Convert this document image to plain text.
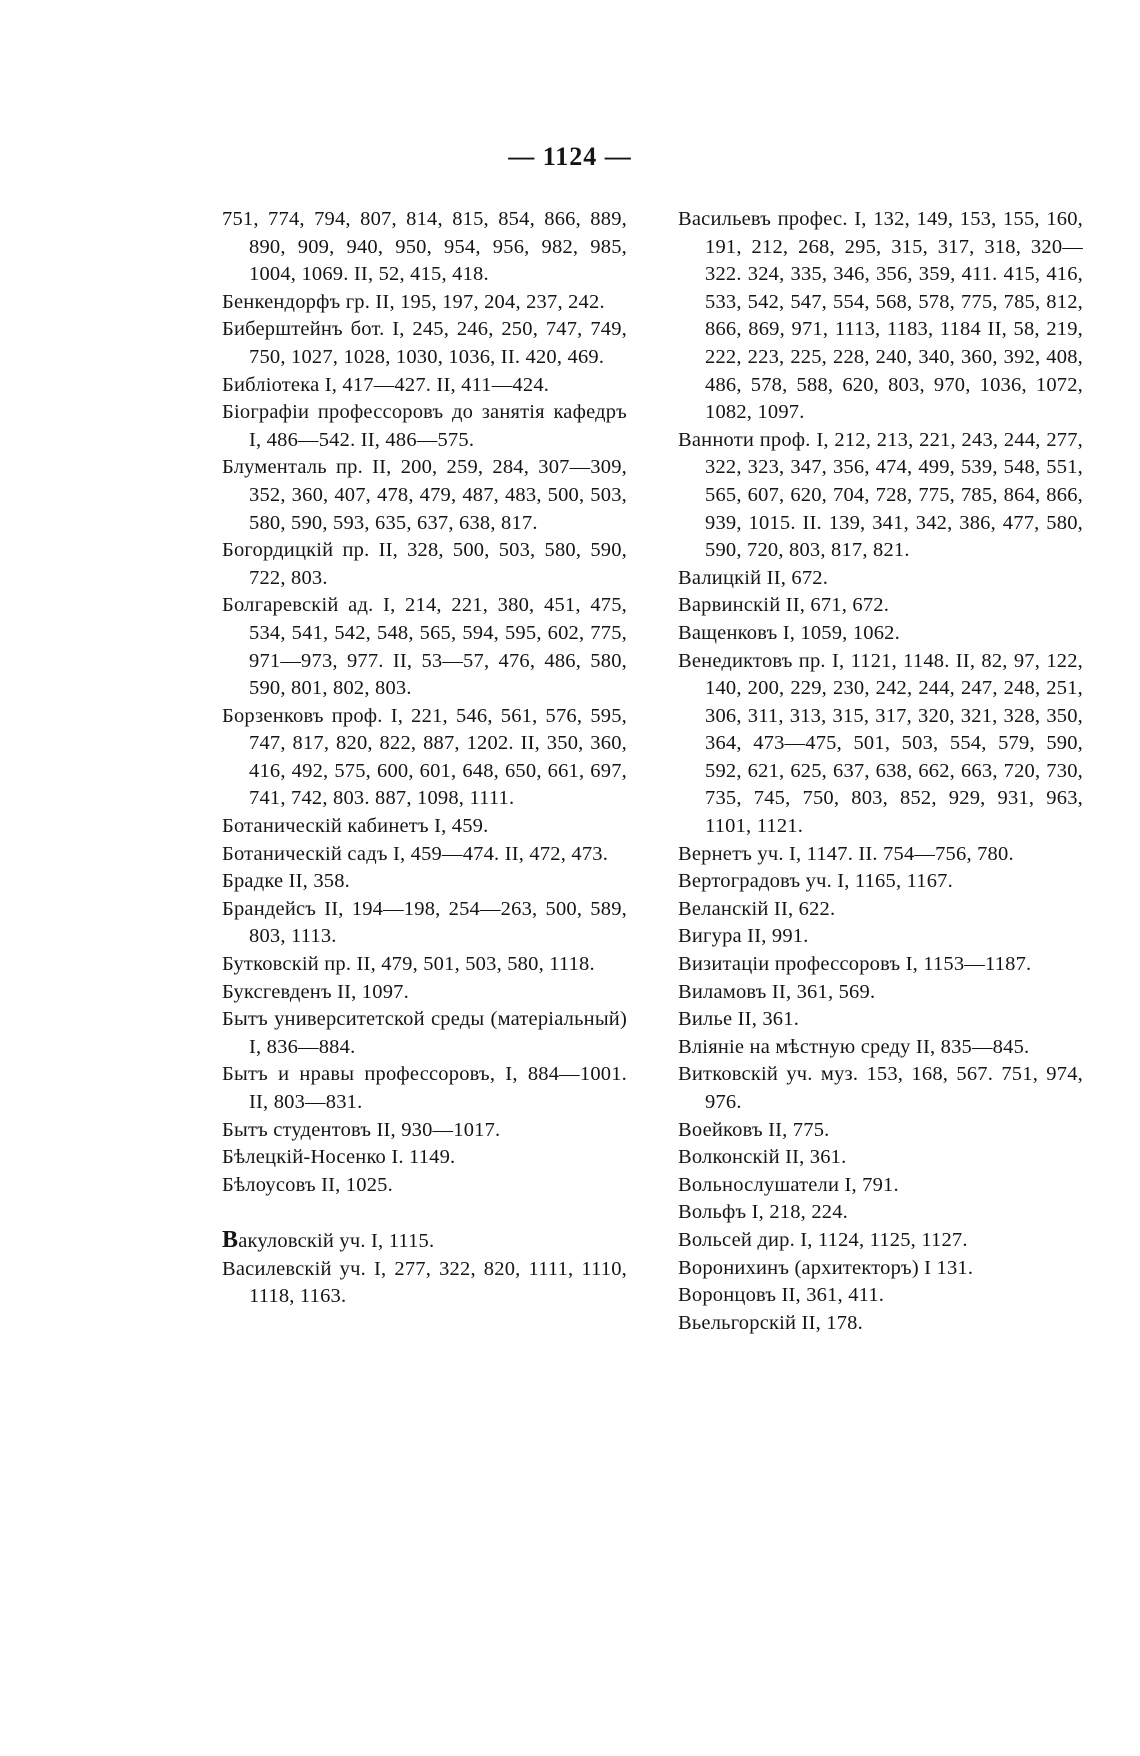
— 1124 —
751, 774, 794, 807, 814, 815, 854, 866, 889, 890, 909, 940, 950, 954, 956, 982, 985, 1004, 1069. II, 52, 415, 418.
Бенкендорфъ гр. II, 195, 197, 204, 237, 242.
Биберштейнъ бот. I, 245, 246, 250, 747, 749, 750, 1027, 1028, 1030, 1036, II. 420, 469.
Библіотека I, 417—427. II, 411—424.
Біографіи профессоровъ до занятія кафедръ I, 486—542. II, 486—575.
Блументаль пр. II, 200, 259, 284, 307—309, 352, 360, 407, 478, 479, 487, 483, 500, 503, 580, 590, 593, 635, 637, 638, 817.
Богордицкій пр. II, 328, 500, 503, 580, 590, 722, 803.
Болгаревскій ад. I, 214, 221, 380, 451, 475, 534, 541, 542, 548, 565, 594, 595, 602, 775, 971—973, 977. II, 53—57, 476, 486, 580, 590, 801, 802, 803.
Борзенковъ проф. I, 221, 546, 561, 576, 595, 747, 817, 820, 822, 887, 1202. II, 350, 360, 416, 492, 575, 600, 601, 648, 650, 661, 697, 741, 742, 803. 887, 1098, 1111.
Ботаническій кабинетъ I, 459.
Ботаническій садъ I, 459—474. II, 472, 473.
Брадке II, 358.
Брандейсъ II, 194—198, 254—263, 500, 589, 803, 1113.
Бутковскій пр. II, 479, 501, 503, 580, 1118.
Буксгевденъ II, 1097.
Бытъ университетской среды (матеріальный) I, 836—884.
Бытъ и нравы профессоровъ, I, 884—1001. II, 803—831.
Бытъ студентовъ II, 930—1017.
Бѣлецкій-Носенко I. 1149.
Бѣлоусовъ II, 1025.
Вакуловскій уч. I, 1115.
Василевскій уч. I, 277, 322, 820, 1111, 1110, 1118, 1163.
Васильевъ профес. I, 132, 149, 153, 155, 160, 191, 212, 268, 295, 315, 317, 318, 320—322. 324, 335, 346, 356, 359, 411. 415, 416, 533, 542, 547, 554, 568, 578, 775, 785, 812, 866, 869, 971, 1113, 1183, 1184 II, 58, 219, 222, 223, 225, 228, 240, 340, 360, 392, 408, 486, 578, 588, 620, 803, 970, 1036, 1072, 1082, 1097.
Ванноти проф. I, 212, 213, 221, 243, 244, 277, 322, 323, 347, 356, 474, 499, 539, 548, 551, 565, 607, 620, 704, 728, 775, 785, 864, 866, 939, 1015. II. 139, 341, 342, 386, 477, 580, 590, 720, 803, 817, 821.
Валицкій II, 672.
Варвинскій II, 671, 672.
Ващенковъ I, 1059, 1062.
Венедиктовъ пр. I, 1121, 1148. II, 82, 97, 122, 140, 200, 229, 230, 242, 244, 247, 248, 251, 306, 311, 313, 315, 317, 320, 321, 328, 350, 364, 473—475, 501, 503, 554, 579, 590, 592, 621, 625, 637, 638, 662, 663, 720, 730, 735, 745, 750, 803, 852, 929, 931, 963, 1101, 1121.
Вернетъ уч. I, 1147. II. 754—756, 780.
Вертоградовъ уч. I, 1165, 1167.
Веланскій II, 622.
Вигура II, 991.
Визитаціи профессоровъ I, 1153—1187.
Виламовъ II, 361, 569.
Вилье II, 361.
Вліяніе на мѣстную среду II, 835—845.
Витковскій уч. муз. 153, 168, 567. 751, 974, 976.
Воейковъ II, 775.
Волконскій II, 361.
Вольнослушатели I, 791.
Вольфъ I, 218, 224.
Вольсей дир. I, 1124, 1125, 1127.
Воронихинъ (архитекторъ) I 131.
Воронцовъ II, 361, 411.
Вьельгорскій II, 178.
